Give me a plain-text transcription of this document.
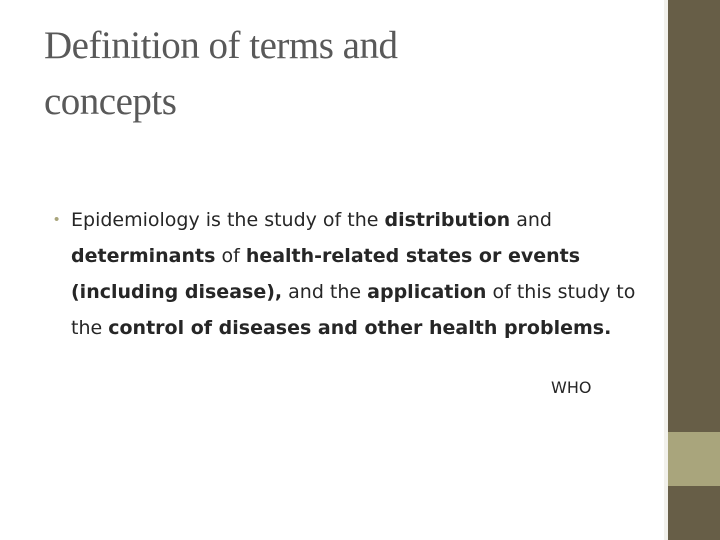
Definition of terms and
concepts
• Epidemiology is the study of the distribution and determinants of health-related states or events (including disease), and the application of this study to the control of diseases and other health problems.
WHO
